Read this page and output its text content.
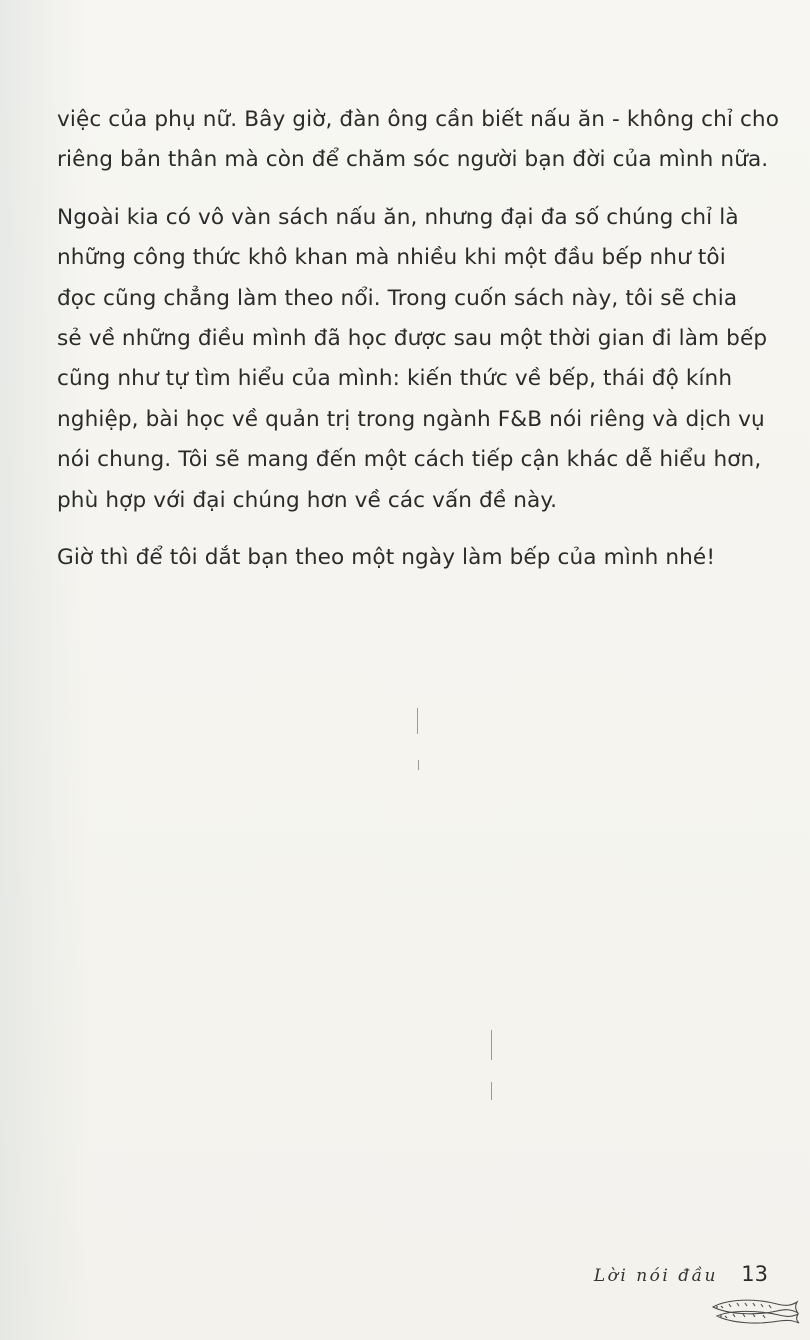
việc của phụ nữ. Bây giờ, đàn ông cần biết nấu ăn - không chỉ cho
riêng bản thân mà còn để chăm sóc người bạn đời của mình nữa.

Ngoài kia có vô vàn sách nấu ăn, nhưng đại đa số chúng chỉ là
những công thức khô khan mà nhiều khi một đầu bếp như tôi
đọc cũng chẳng làm theo nổi. Trong cuốn sách này, tôi sẽ chia
sẻ về những điều mình đã học được sau một thời gian đi làm bếp
cũng như tự tìm hiểu của mình: kiến thức về bếp, thái độ kính
nghiệp, bài học về quản trị trong ngành F&B nói riêng và dịch vụ
nói chung. Tôi sẽ mang đến một cách tiếp cận khác dễ hiểu hơn,
phù hợp với đại chúng hơn về các vấn đề này.

Giờ thì để tôi dắt bạn theo một ngày làm bếp của mình nhé!

Lời nói đầu 13
